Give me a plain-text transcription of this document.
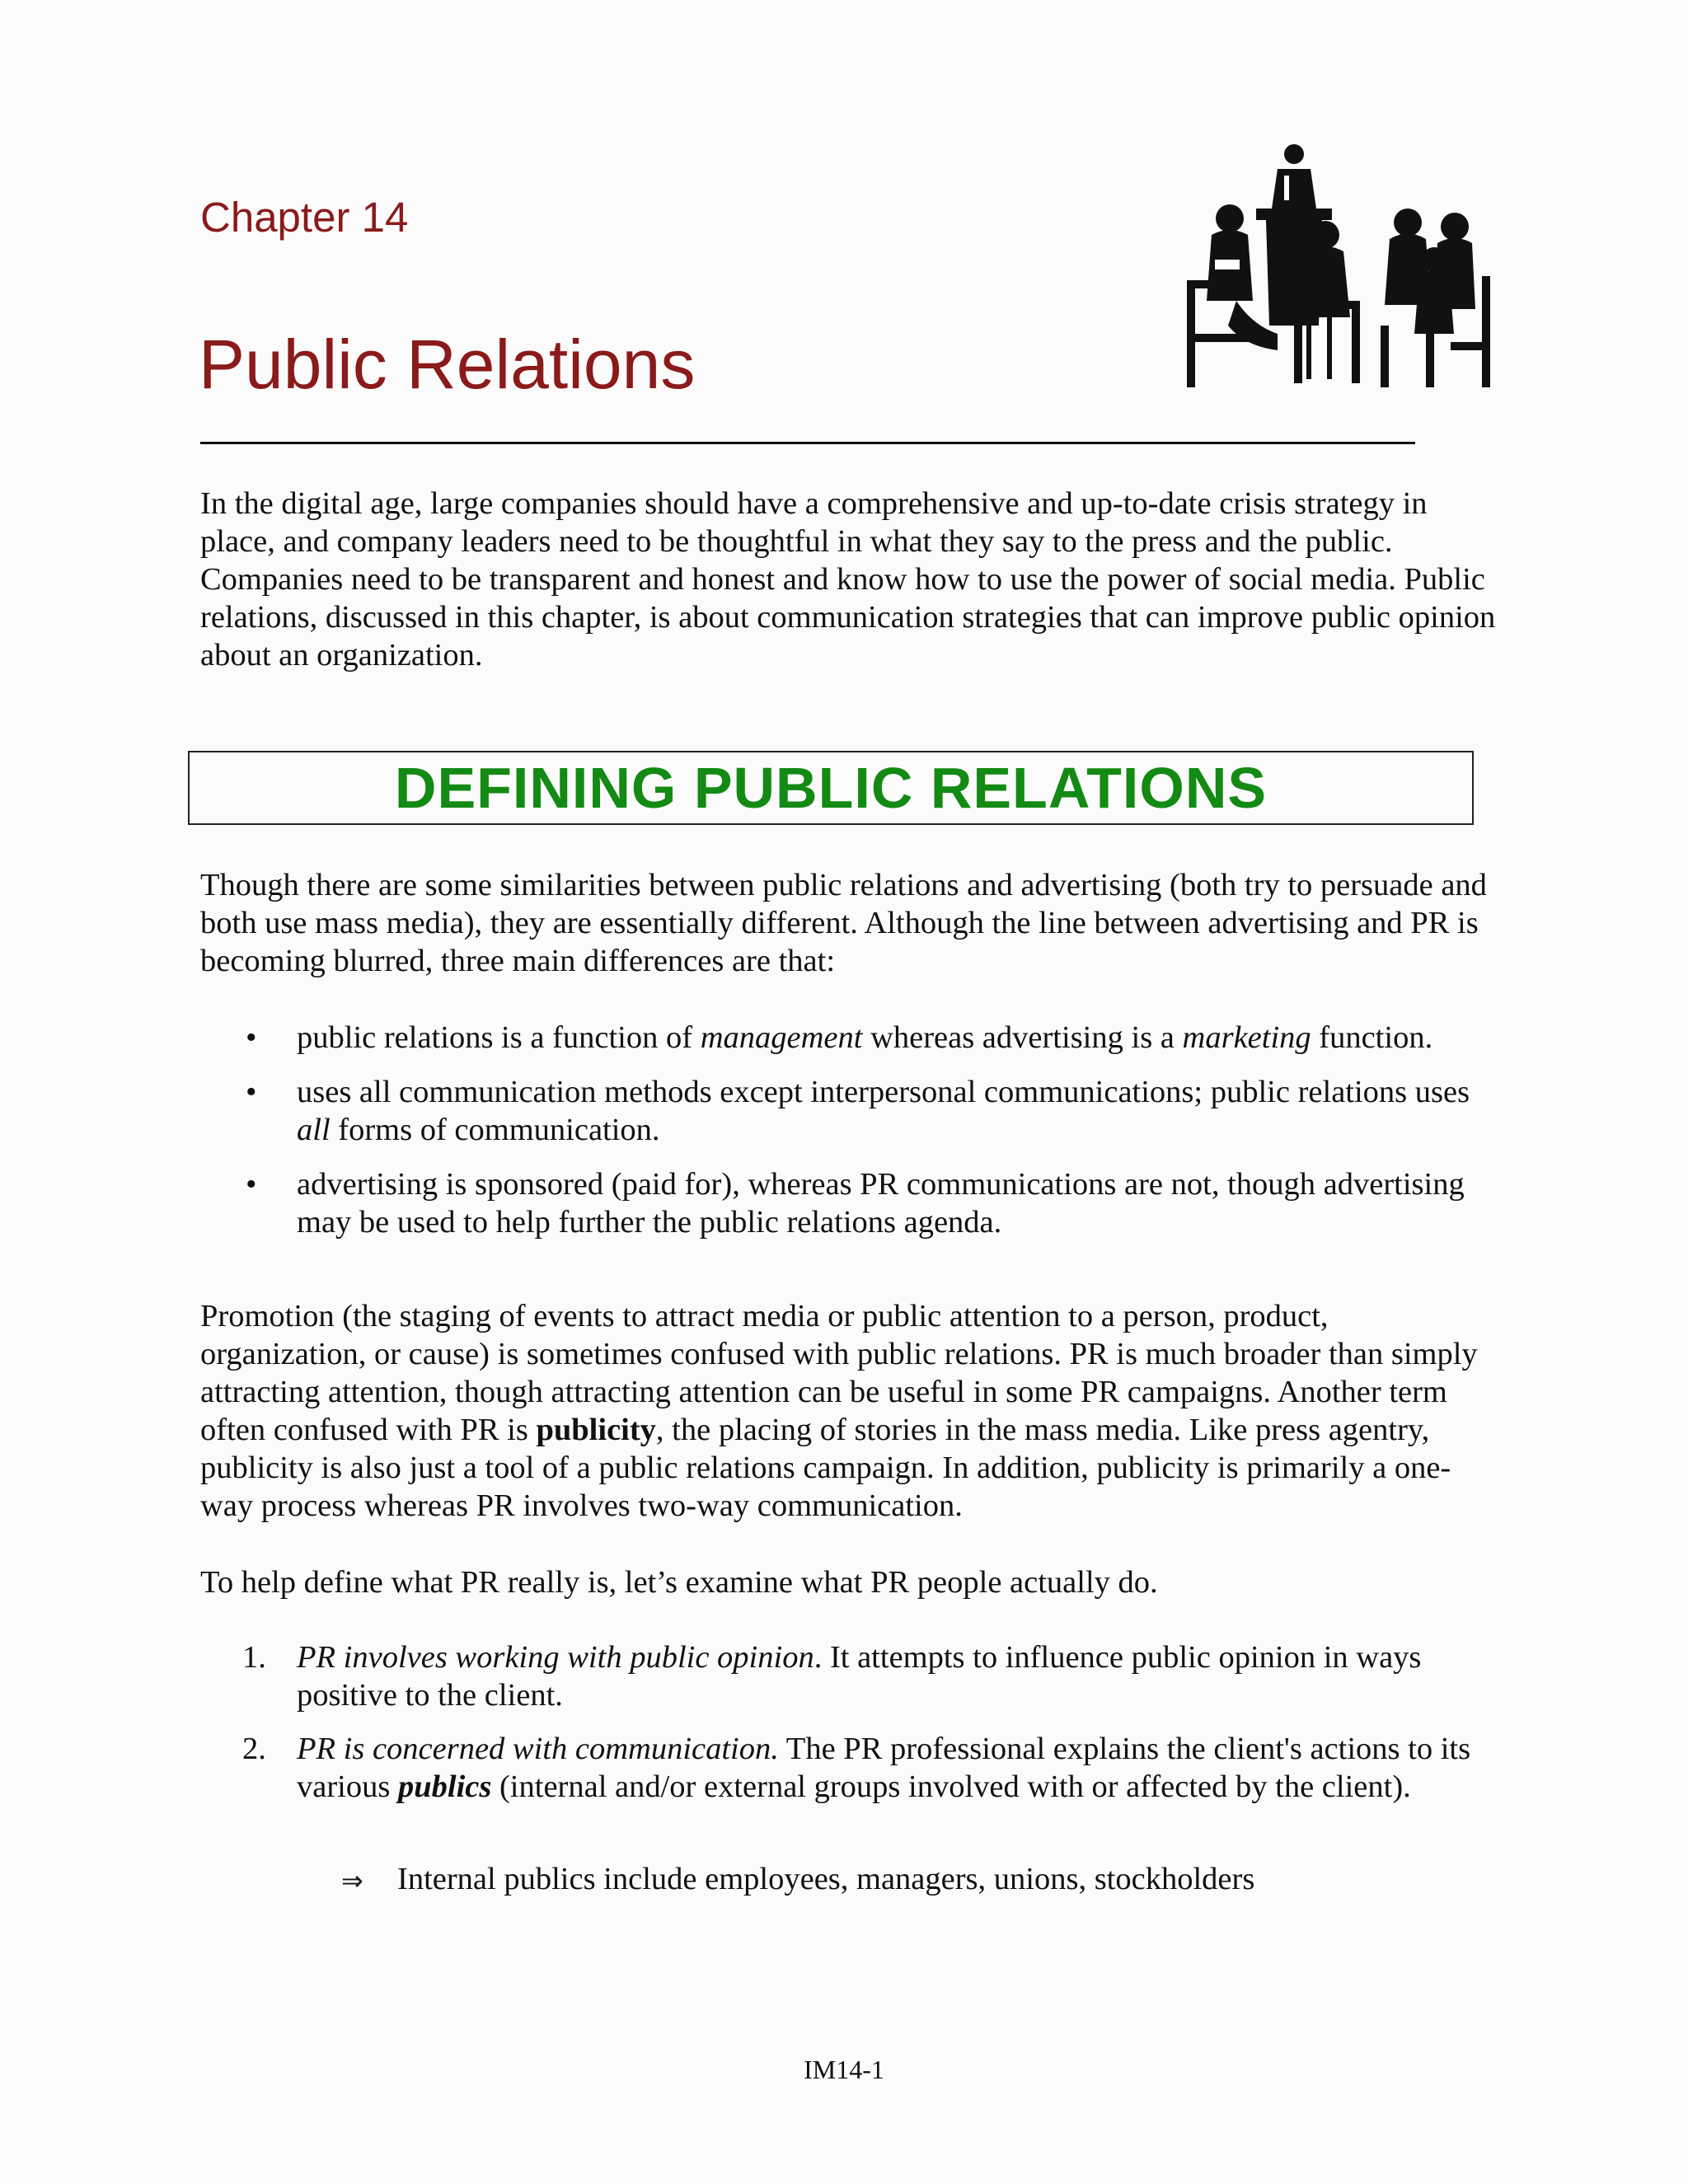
Chapter 14
Public Relations

In the digital age, large companies should have a comprehensive and up-to-date crisis strategy in place, and company leaders need to be thoughtful in what they say to the press and the public. Companies need to be transparent and honest and know how to use the power of social media. Public relations, discussed in this chapter, is about communication strategies that can improve public opinion about an organization.

DEFINING PUBLIC RELATIONS

Though there are some similarities between public relations and advertising (both try to persuade and both use mass media), they are essentially different. Although the line between advertising and PR is becoming blurred, three main differences are that:

•	public relations is a function of management whereas advertising is a marketing function.
•	uses all communication methods except interpersonal communications; public relations uses all forms of communication.
•	advertising is sponsored (paid for), whereas PR communications are not, though advertising may be used to help further the public relations agenda.

Promotion (the staging of events to attract media or public attention to a person, product, organization, or cause) is sometimes confused with public relations. PR is much broader than simply attracting attention, though attracting attention can be useful in some PR campaigns. Another term often confused with PR is publicity, the placing of stories in the mass media. Like press agentry, publicity is also just a tool of a public relations campaign. In addition, publicity is primarily a one-way process whereas PR involves two-way communication.

To help define what PR really is, let’s examine what PR people actually do.

1. PR involves working with public opinion. It attempts to influence public opinion in ways positive to the client.
2. PR is concerned with communication. The PR professional explains the client's actions to its various publics (internal and/or external groups involved with or affected by the client).
⇒ Internal publics include employees, managers, unions, stockholders
IM14-1
